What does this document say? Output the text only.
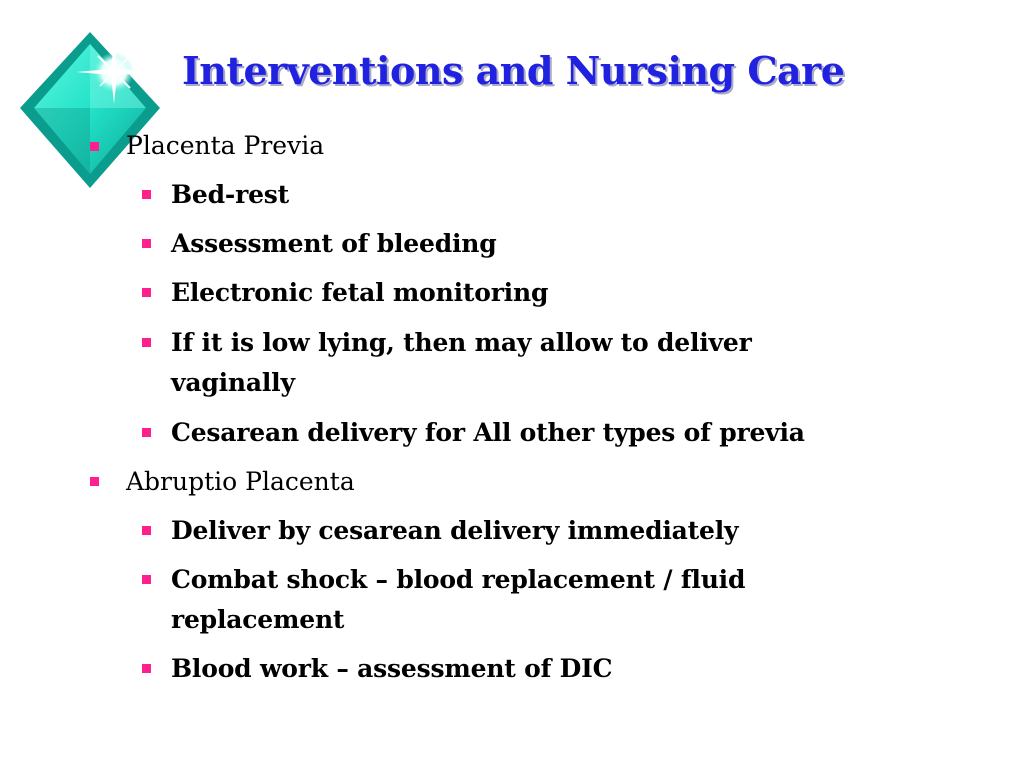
Interventions and Nursing Care
Placenta Previa
Bed-rest
Assessment of bleeding
Electronic fetal monitoring
If it is low lying, then may allow to deliver
vaginally
Cesarean delivery for All other types of previa
Abruptio Placenta
Deliver by cesarean delivery immediately
Combat shock – blood replacement / fluid
replacement
Blood work – assessment of DIC
